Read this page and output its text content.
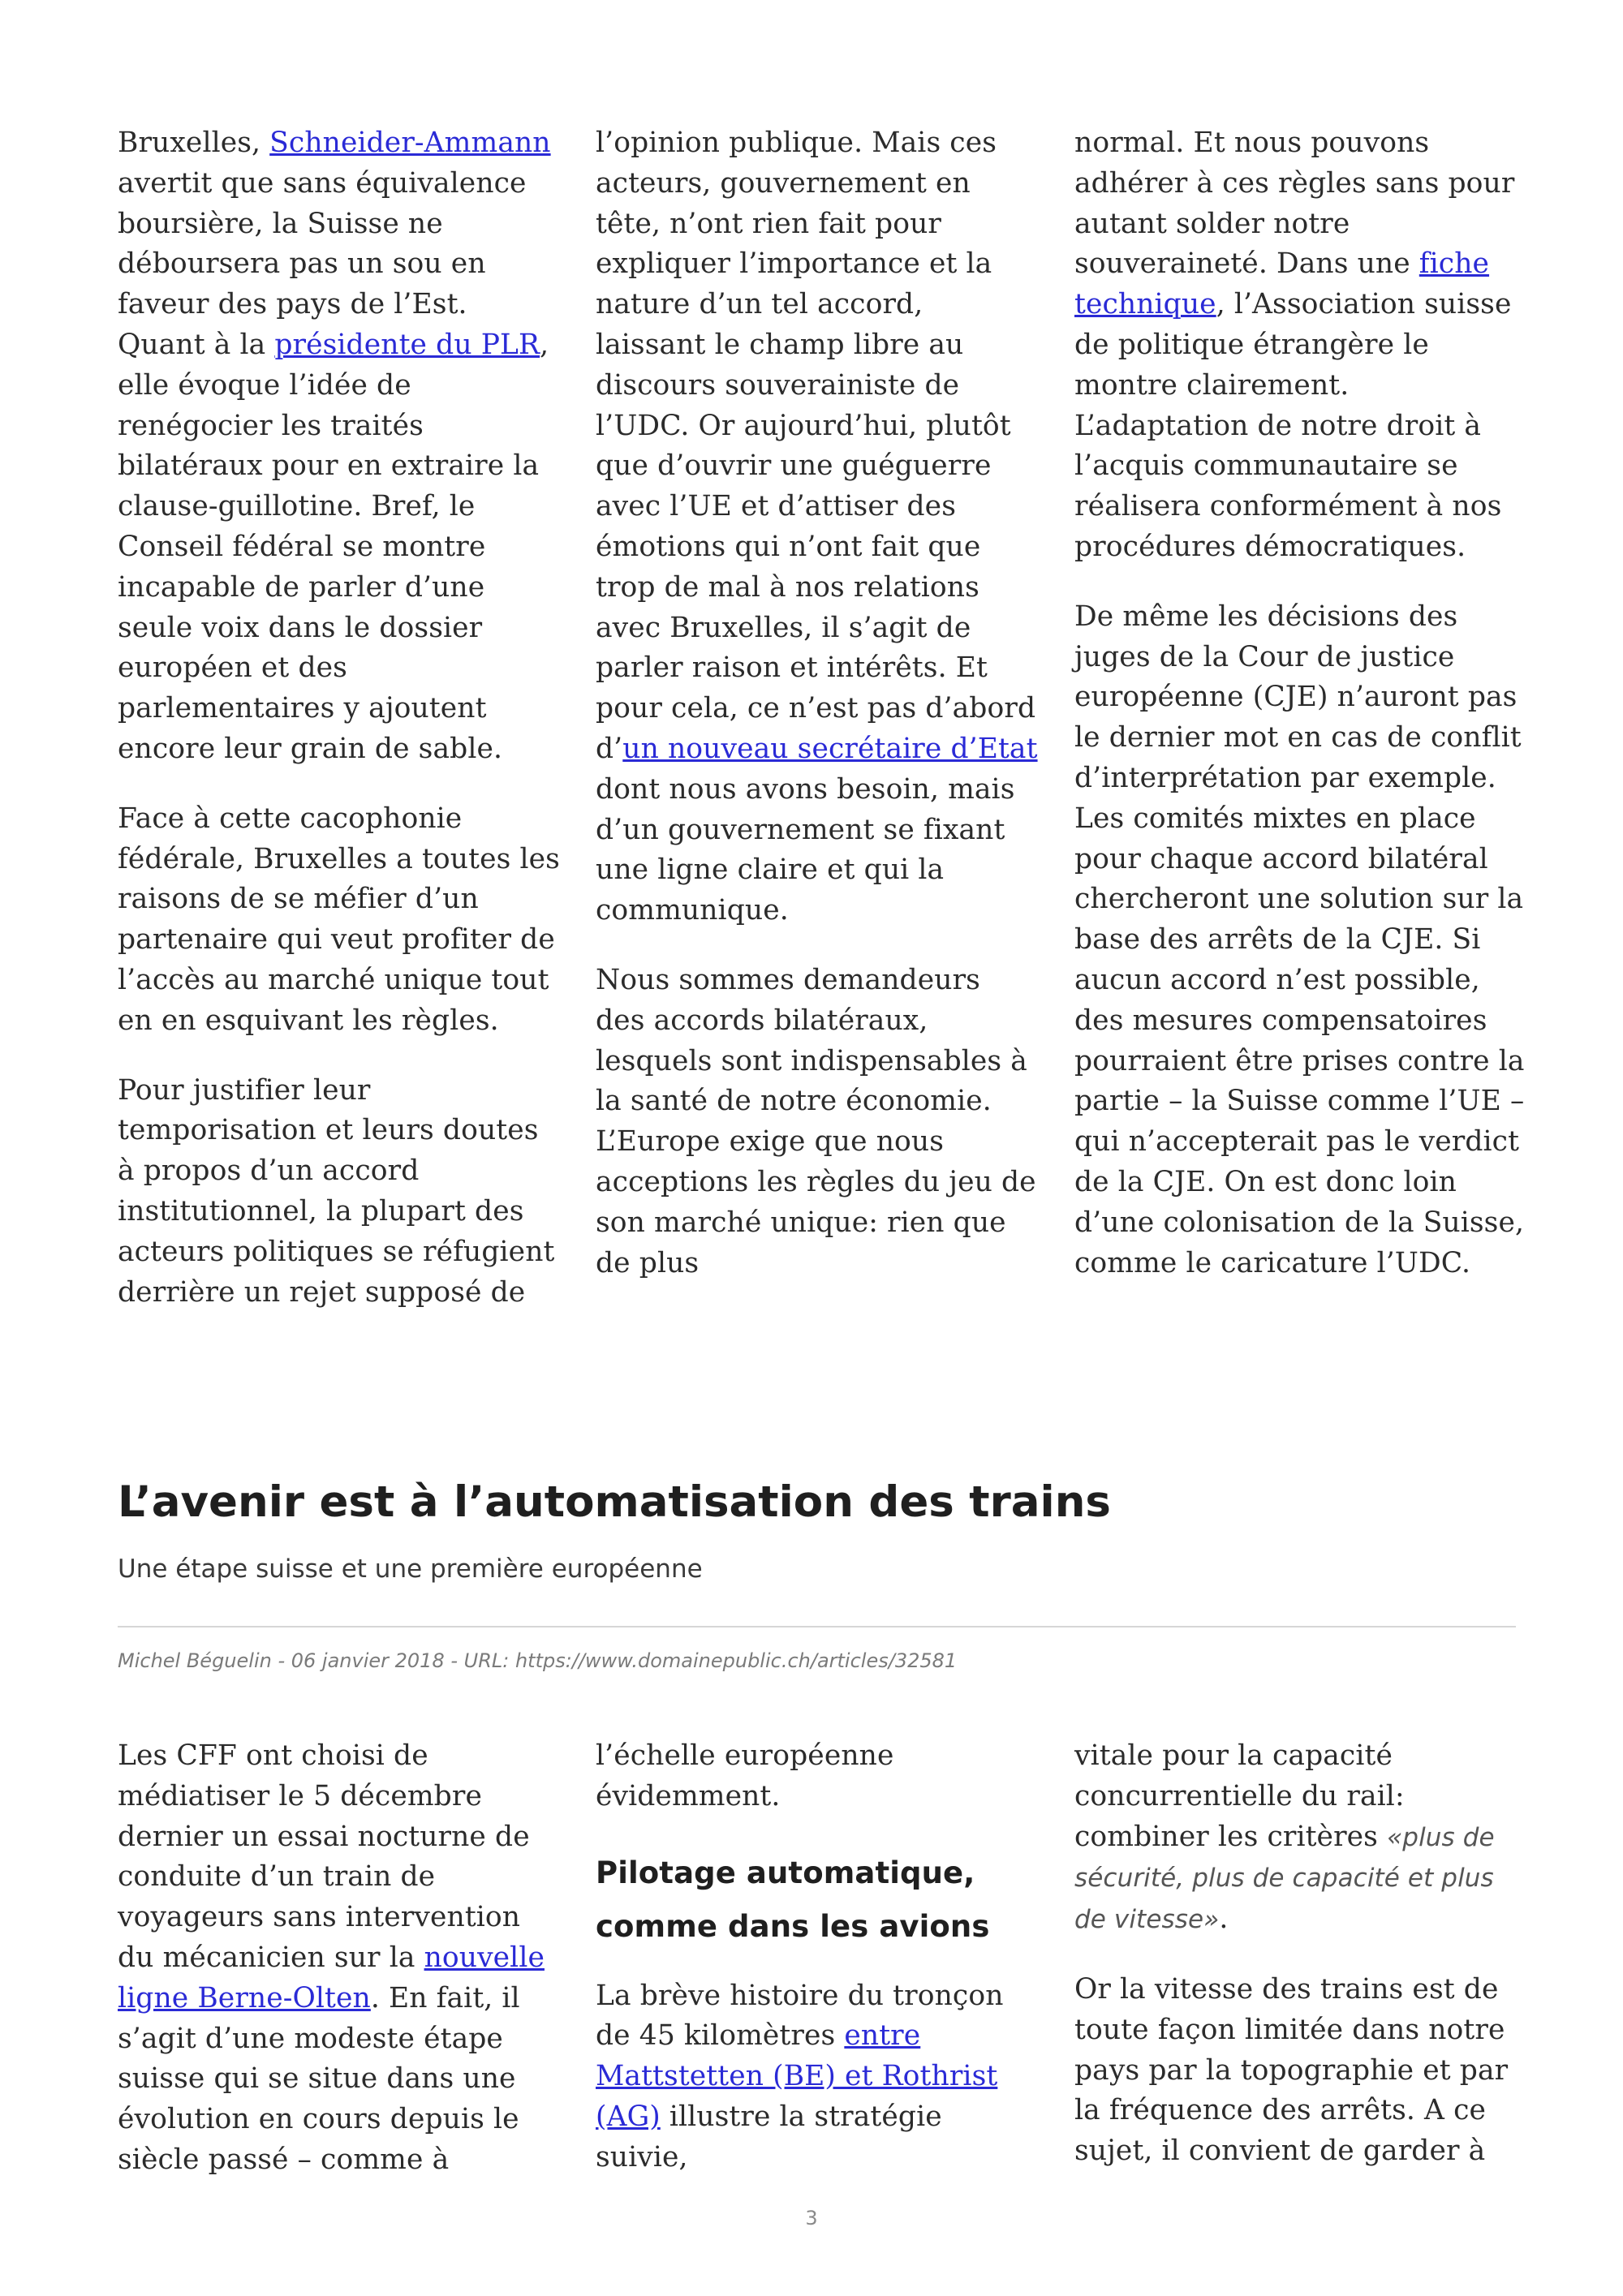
Bruxelles, Schneider-Ammann avertit que sans équivalence boursière, la Suisse ne déboursera pas un sou en faveur des pays de l’Est. Quant à la présidente du PLR, elle évoque l’idée de renégocier les traités bilatéraux pour en extraire la clause-guillotine. Bref, le Conseil fédéral se montre incapable de parler d’une seule voix dans le dossier européen et des parlementaires y ajoutent encore leur grain de sable.

Face à cette cacophonie fédérale, Bruxelles a toutes les raisons de se méfier d’un partenaire qui veut profiter de l’accès au marché unique tout en en esquivant les règles.

Pour justifier leur temporisation et leurs doutes à propos d’un accord institutionnel, la plupart des acteurs politiques se réfugient derrière un rejet supposé de

l’opinion publique. Mais ces acteurs, gouvernement en tête, n’ont rien fait pour expliquer l’importance et la nature d’un tel accord, laissant le champ libre au discours souverainiste de l’UDC. Or aujourd’hui, plutôt que d’ouvrir une guéguerre avec l’UE et d’attiser des émotions qui n’ont fait que trop de mal à nos relations avec Bruxelles, il s’agit de parler raison et intérêts. Et pour cela, ce n’est pas d’abord d’un nouveau secrétaire d’Etat dont nous avons besoin, mais d’un gouvernement se fixant une ligne claire et qui la communique.

Nous sommes demandeurs des accords bilatéraux, lesquels sont indispensables à la santé de notre économie. L’Europe exige que nous acceptions les règles du jeu de son marché unique: rien que de plus

normal. Et nous pouvons adhérer à ces règles sans pour autant solder notre souveraineté. Dans une fiche technique, l’Association suisse de politique étrangère le montre clairement. L’adaptation de notre droit à l’acquis communautaire se réalisera conformément à nos procédures démocratiques.

De même les décisions des juges de la Cour de justice européenne (CJE) n’auront pas le dernier mot en cas de conflit d’interprétation par exemple. Les comités mixtes en place pour chaque accord bilatéral chercheront une solution sur la base des arrêts de la CJE. Si aucun accord n’est possible, des mesures compensatoires pourraient être prises contre la partie – la Suisse comme l’UE – qui n’accepterait pas le verdict de la CJE. On est donc loin d’une colonisation de la Suisse, comme le caricature l’UDC.

L’avenir est à l’automatisation des trains

Une étape suisse et une première européenne

Michel Béguelin - 06 janvier 2018 - URL: https://www.domainepublic.ch/articles/32581

Les CFF ont choisi de médiatiser le 5 décembre dernier un essai nocturne de conduite d’un train de voyageurs sans intervention du mécanicien sur la nouvelle ligne Berne-Olten. En fait, il s’agit d’une modeste étape suisse qui se situe dans une évolution en cours depuis le siècle passé – comme à

l’échelle européenne évidemment.

Pilotage automatique, comme dans les avions

La brève histoire du tronçon de 45 kilomètres entre Mattstetten (BE) et Rothrist (AG) illustre la stratégie suivie,

vitale pour la capacité concurrentielle du rail: combiner les critères «plus de sécurité, plus de capacité et plus de vitesse».

Or la vitesse des trains est de toute façon limitée dans notre pays par la topographie et par la fréquence des arrêts. A ce sujet, il convient de garder à

3
